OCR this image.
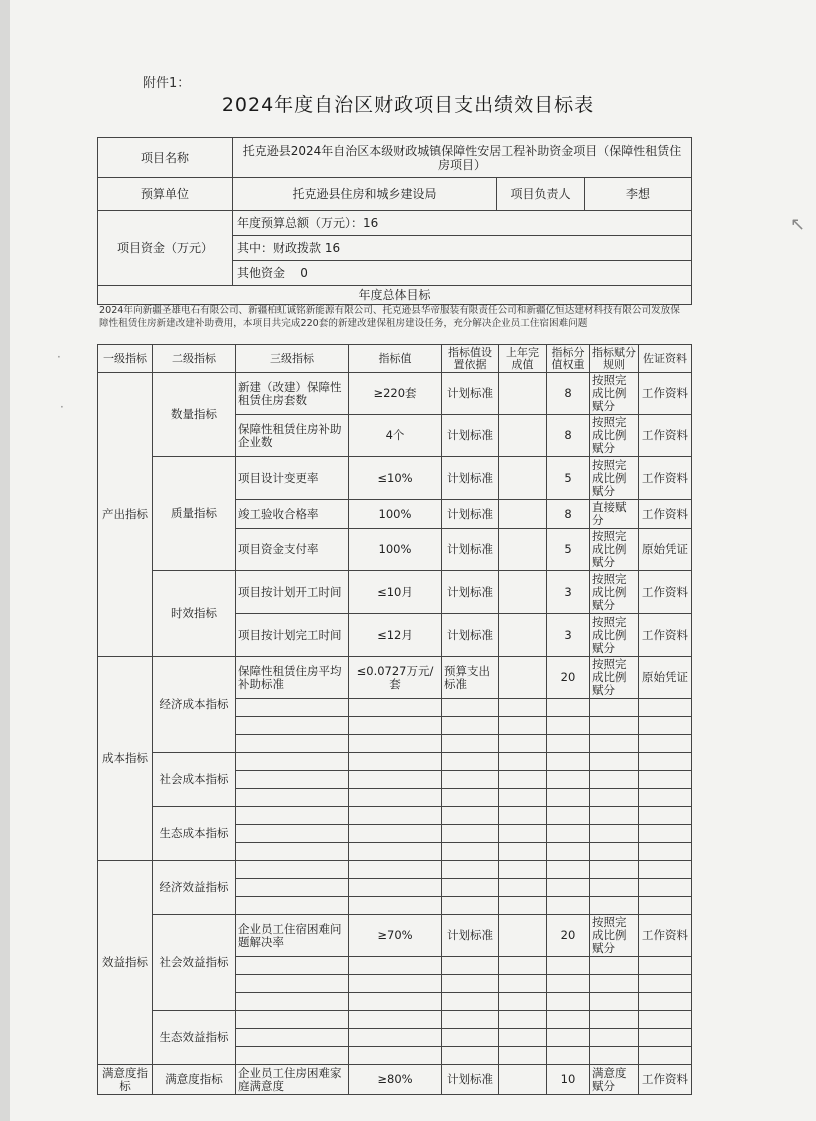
附件1：
2024年度自治区财政项目支出绩效目标表
项目名称	托克逊县2024年自治区本级财政城镇保障性安居工程补助资金项目（保障性租赁住房项目）		
预算单位	托克逊县住房和城乡建设局	项目负责人	李想
项目资金（万元）	年度预算总额（万元）：16		
	其中：财政拨款 16		
	其他资金 0		
年度总体目标			
2024年向新疆圣雄电石有限公司、新疆柏虹诚铭新能源有限公司、托克逊县华帝服装有限责任公司和新疆亿恒达建材科技有限公司发放保障性租赁住房新建改建补助费用，本项目共完成220套的新建改建保租房建设任务，充分解决企业员工住宿困难问题
一级指标	二级指标	三级指标	指标值	指标值设置依据	上年完成值	指标分值权重	指标赋分规则	佐证资料
产出指标	数量指标	新建（改建）保障性租赁住房套数	≥220套	计划标准		8	按照完成比例赋分	工作资料
		保障性租赁住房补助企业数	4个	计划标准		8	按照完成比例赋分	工作资料
	质量指标	项目设计变更率	≤10%	计划标准		5	按照完成比例赋分	工作资料
		竣工验收合格率	100%	计划标准		8	直接赋分	工作资料
		项目资金支付率	100%	计划标准		5	按照完成比例赋分	原始凭证
	时效指标	项目按计划开工时间	≤10月	计划标准		3	按照完成比例赋分	工作资料
		项目按计划完工时间	≤12月	计划标准		3	按照完成比例赋分	工作资料
成本指标	经济成本指标	保障性租赁住房平均补助标准	≤0.0727万元/套	预算支出标准		20	按照完成比例赋分	原始凭证

	社会成本指标							

	生态成本指标							

效益指标	经济效益指标							

	社会效益指标	企业员工住宿困难问题解决率	≥70%	计划标准		20	按照完成比例赋分	工作资料

	生态效益指标							

满意度指标	满意度指标	企业员工住房困难家庭满意度	≥80%	计划标准		10	满意度赋分	工作资料
·
·
↖
